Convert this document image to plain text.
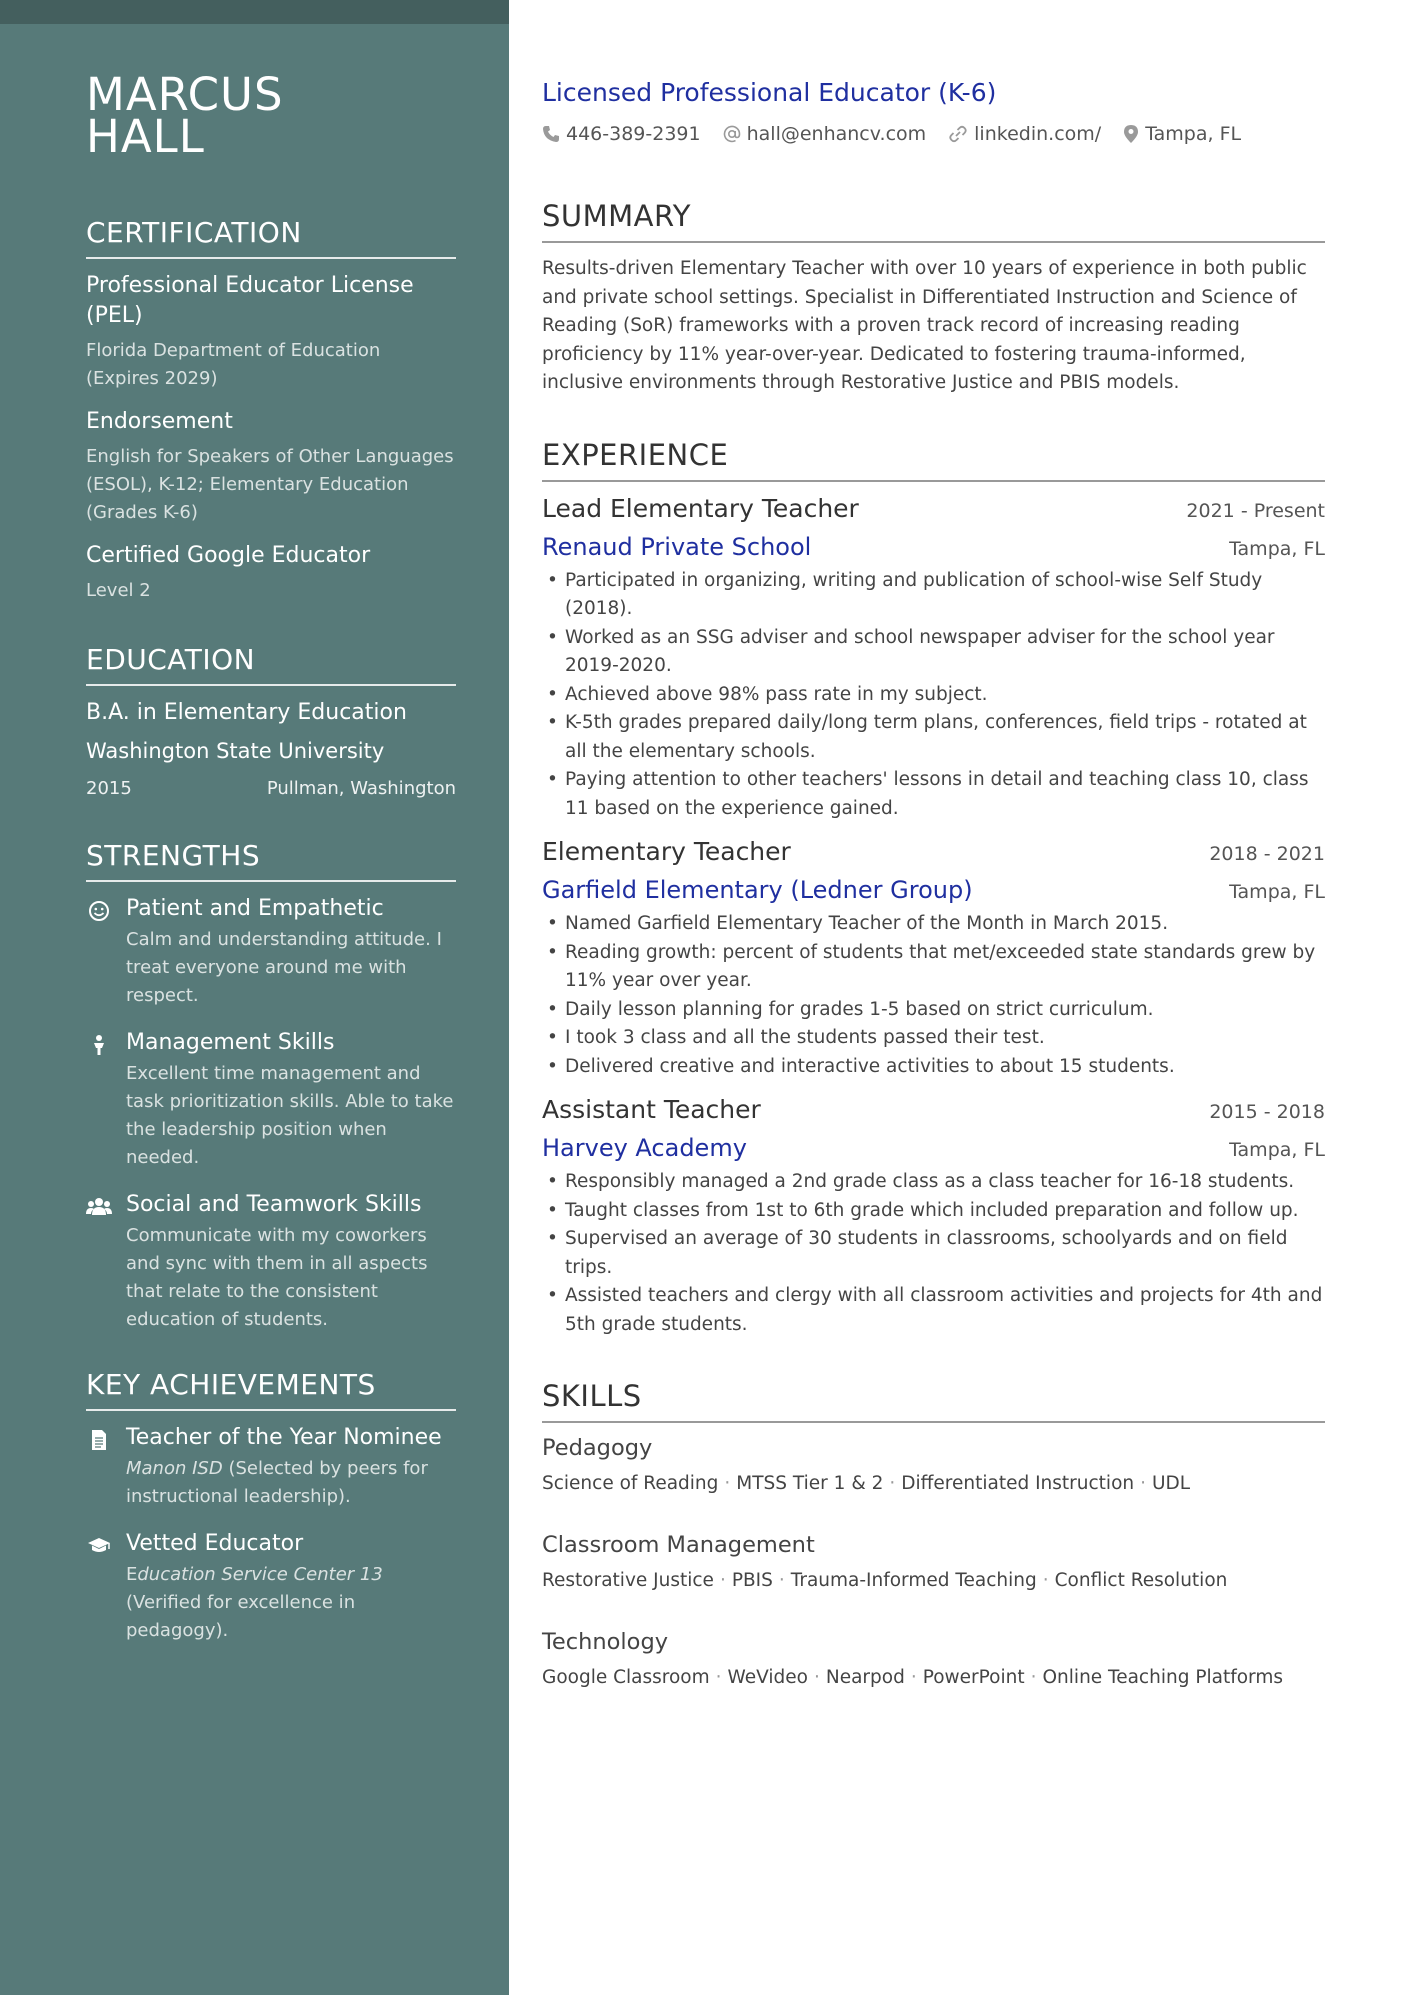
MARCUS
HALL
CERTIFICATION
Professional Educator License (PEL)
Florida Department of Education (Expires 2029)
Endorsement
English for Speakers of Other Languages (ESOL), K-12; Elementary Education (Grades K-6)
Certified Google Educator
Level 2
EDUCATION
B.A. in Elementary Education
Washington State University
2015	Pullman, Washington
STRENGTHS
Patient and Empathetic
Calm and understanding attitude. I treat everyone around me with respect.
Management Skills
Excellent time management and task prioritization skills. Able to take the leadership position when needed.
Social and Teamwork Skills
Communicate with my coworkers and sync with them in all aspects that relate to the consistent education of students.
KEY ACHIEVEMENTS
Teacher of the Year Nominee
Manon ISD (Selected by peers for instructional leadership).
Vetted Educator
Education Service Center 13 (Verified for excellence in pedagogy).
Licensed Professional Educator (K-6)
446-389-2391 hall@enhancv.com	linkedin.com/ Tampa, FL
SUMMARY
Results-driven Elementary Teacher with over 10 years of experience in both public and private school settings. Specialist in Differentiated Instruction and Science of Reading (SoR) frameworks with a proven track record of increasing reading proficiency by 11% year-over-year. Dedicated to fostering trauma-informed, inclusive environments through Restorative Justice and PBIS models.
EXPERIENCE
Lead Elementary Teacher	2021 - Present
Renaud Private School	Tampa, FL
• Participated in organizing, writing and publication of school-wise Self Study (2018).
• Worked as an SSG adviser and school newspaper adviser for the school year 2019-2020.
• Achieved above 98% pass rate in my subject.
• K-5th grades prepared daily/long term plans, conferences, field trips - rotated at all the elementary schools.
• Paying attention to other teachers' lessons in detail and teaching class 10, class 11 based on the experience gained.
Elementary Teacher	2018 - 2021
Garfield Elementary (Ledner Group)	Tampa, FL
• Named Garfield Elementary Teacher of the Month in March 2015.
• Reading growth: percent of students that met/exceeded state standards grew by 11% year over year.
• Daily lesson planning for grades 1-5 based on strict curriculum.
• I took 3 class and all the students passed their test.
• Delivered creative and interactive activities to about 15 students.
Assistant Teacher	2015 - 2018
Harvey Academy	Tampa, FL
• Responsibly managed a 2nd grade class as a class teacher for 16-18 students.
• Taught classes from 1st to 6th grade which included preparation and follow up.
• Supervised an average of 30 students in classrooms, schoolyards and on field trips.
• Assisted teachers and clergy with all classroom activities and projects for 4th and 5th grade students.
SKILLS
Pedagogy
Science of Reading · MTSS Tier 1 & 2 · Differentiated Instruction · UDL
Classroom Management
Restorative Justice · PBIS · Trauma-Informed Teaching · Conflict Resolution
Technology
Google Classroom · WeVideo · Nearpod · PowerPoint · Online Teaching Platforms
